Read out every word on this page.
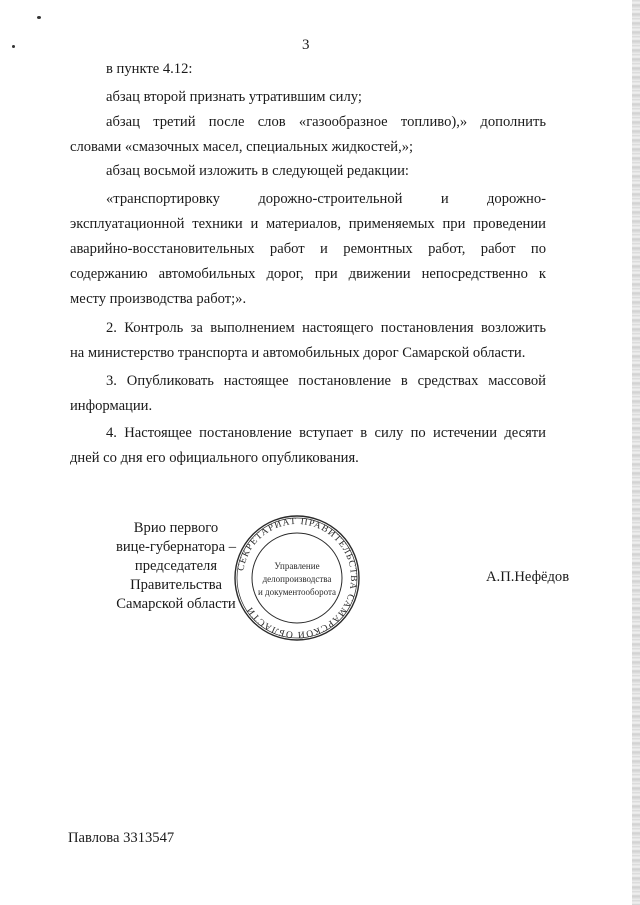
3
в пункте 4.12:
абзац второй признать утратившим силу;
абзац третий после слов «газообразное топливо),» дополнить
словами «смазочных масел, специальных жидкостей,»;
абзац восьмой изложить в следующей редакции:
«транспортировку дорожно-строительной и дорожно-
эксплуатационной техники и материалов, применяемых при проведении
аварийно-восстановительных работ и ремонтных работ, работ по
содержанию автомобильных дорог, при движении непосредственно к
месту производства работ;».
2. Контроль за выполнением настоящего постановления возложить
на министерство транспорта и автомобильных дорог Самарской области.
3. Опубликовать настоящее постановление в средствах массовой
информации.
4. Настоящее постановление вступает в силу по истечении десяти
дней со дня его официального опубликования.
Врио первого
вице-губернатора –
председателя Правительства
Самарской области
СЕКРЕТАРИАТ ПРАВИТЕЛЬСТВА САМАРСКОЙ ОБЛАСТИ
Управление
делопроизводства
и документооборота
А.П.Нефёдов
Павлова 3313547
